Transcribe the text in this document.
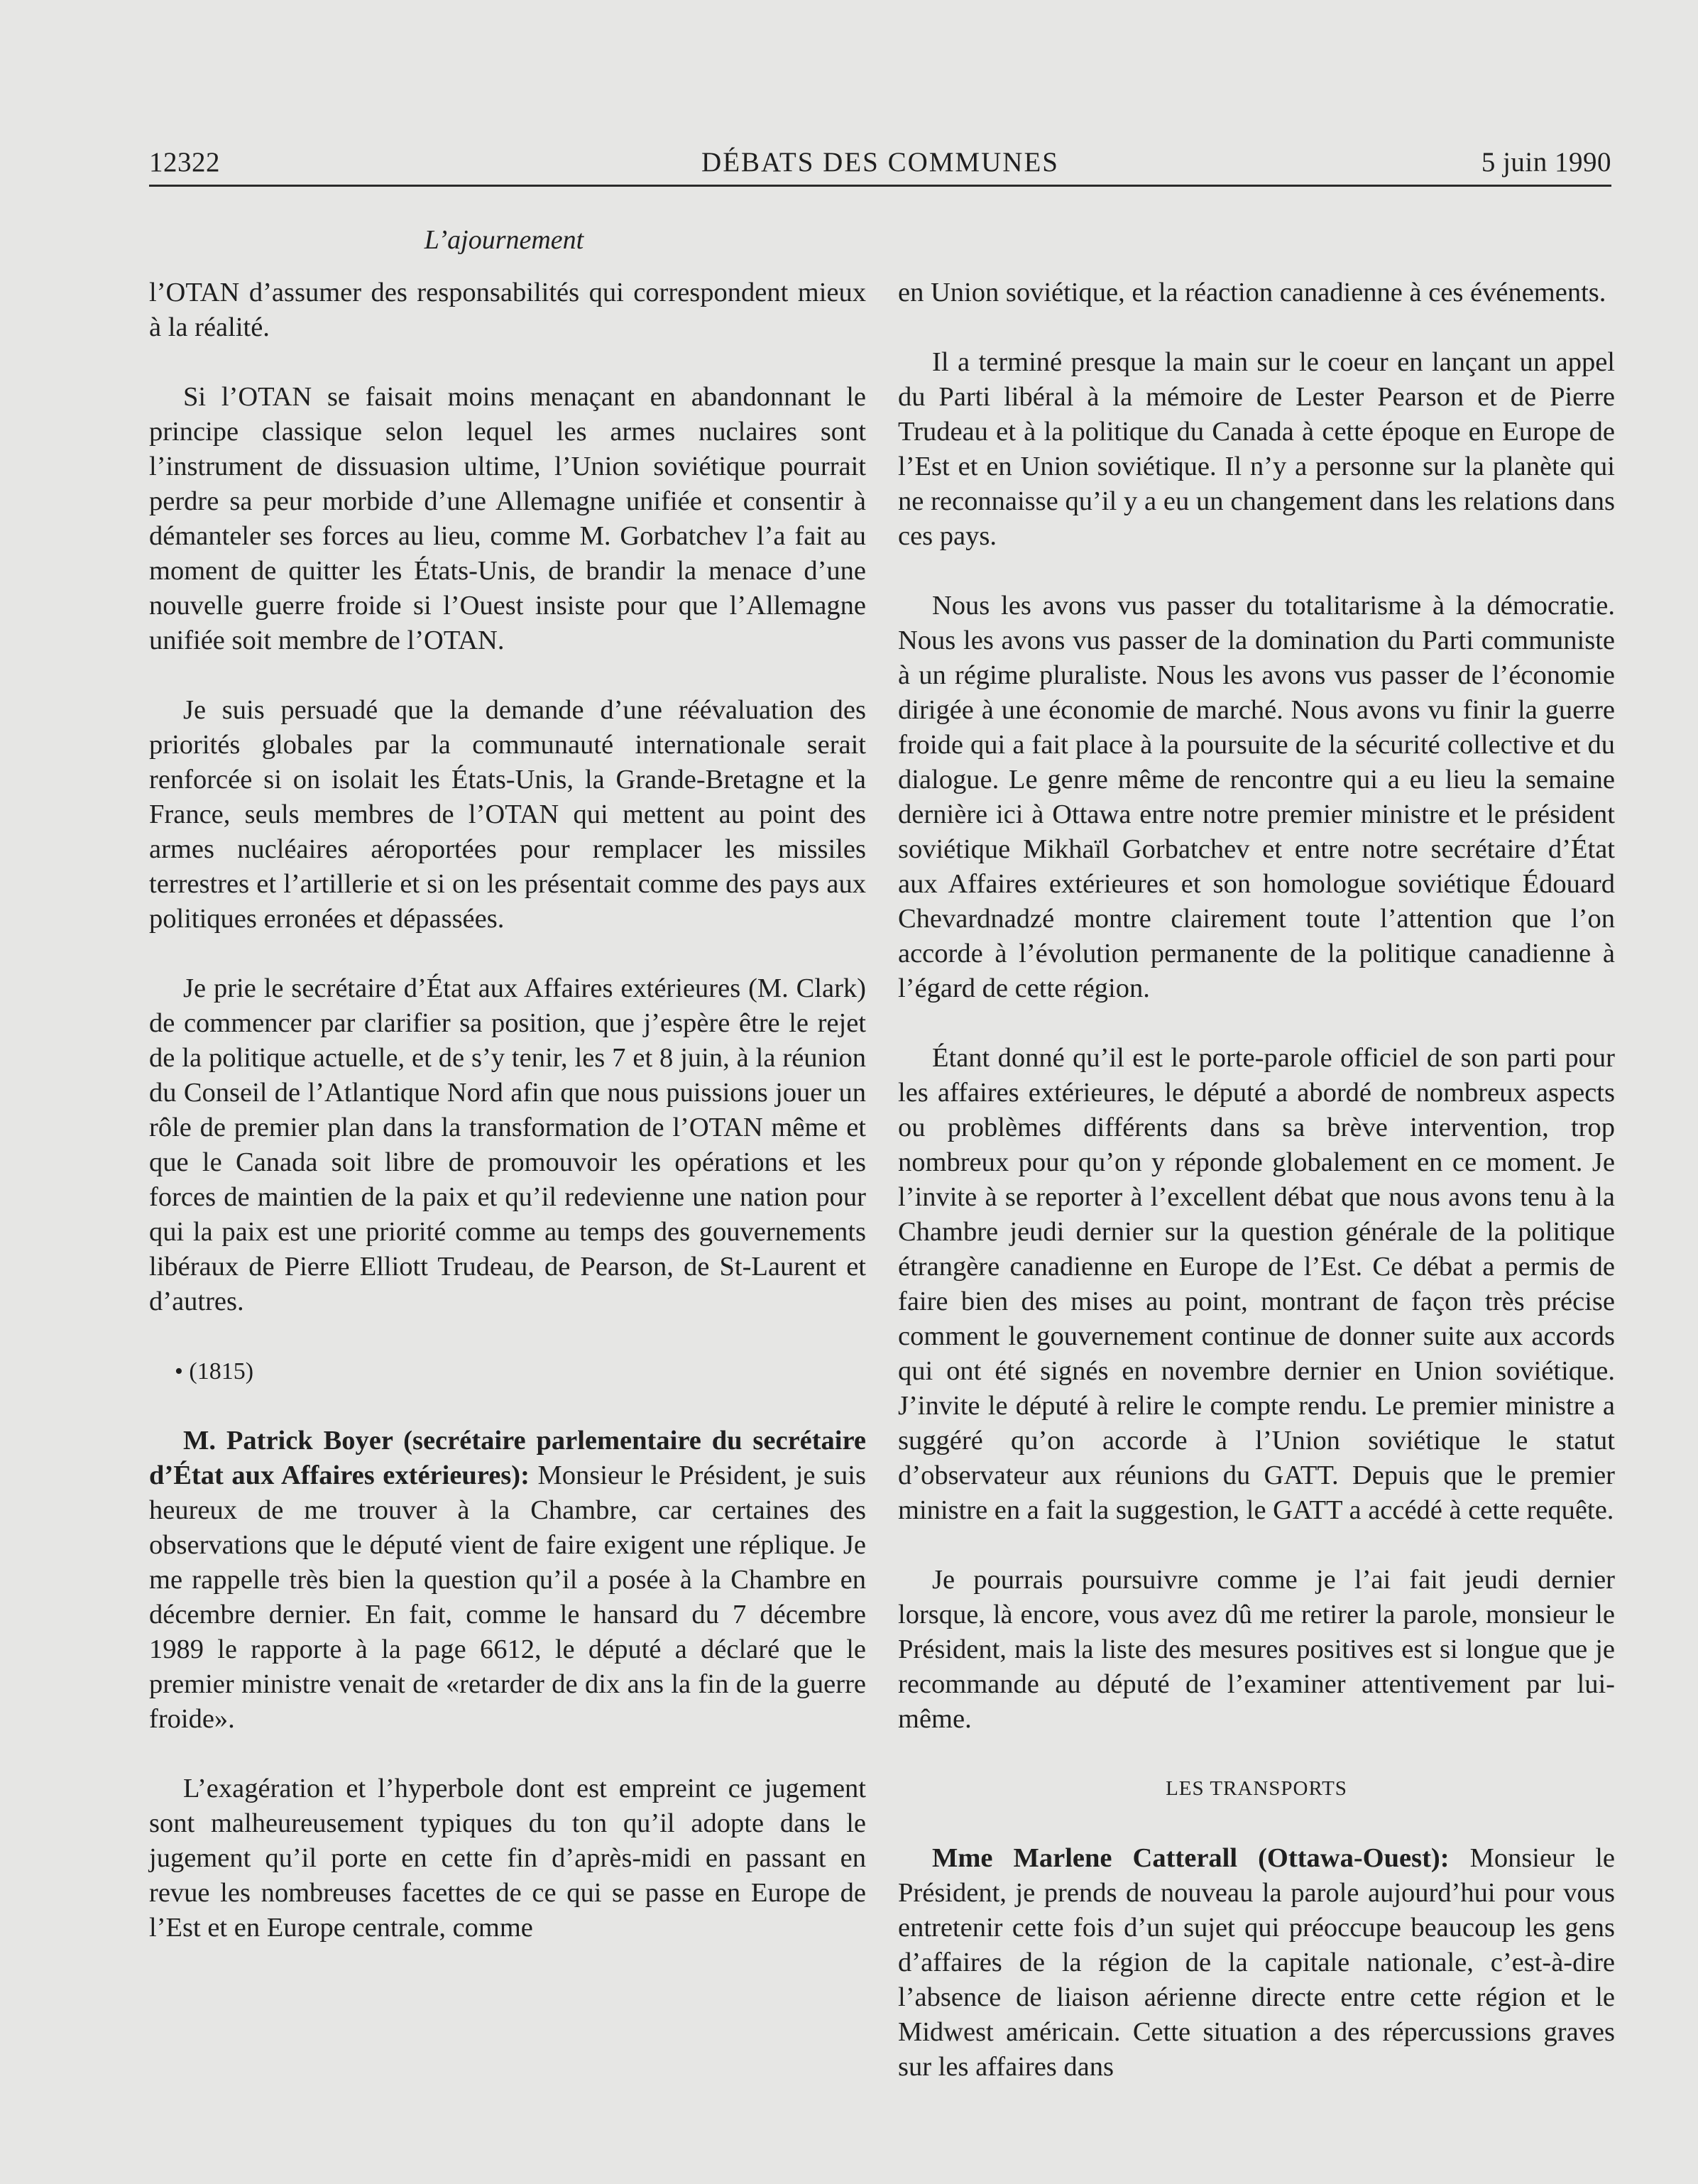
12322	DÉBATS DES COMMUNES	5 juin 1990
L’ajournement

l’OTAN d’assumer des responsabilités qui correspondent mieux à la réalité.

Si l’OTAN se faisait moins menaçant en abandonnant le principe classique selon lequel les armes nuclaires sont l’instrument de dissuasion ultime, l’Union soviétique pourrait perdre sa peur morbide d’une Allemagne unifiée et consentir à démanteler ses forces au lieu, comme M. Gorbatchev l’a fait au moment de quitter les États-Unis, de brandir la menace d’une nouvelle guerre froide si l’Ouest insiste pour que l’Allemagne unifiée soit membre de l’OTAN.

Je suis persuadé que la demande d’une réévaluation des priorités globales par la communauté internationale serait renforcée si on isolait les États-Unis, la Grande-Bretagne et la France, seuls membres de l’OTAN qui mettent au point des armes nucléaires aéroportées pour remplacer les missiles terrestres et l’artillerie et si on les présentait comme des pays aux politiques erronées et dépassées.

Je prie le secrétaire d’État aux Affaires extérieures (M. Clark) de commencer par clarifier sa position, que j’espère être le rejet de la politique actuelle, et de s’y tenir, les 7 et 8 juin, à la réunion du Conseil de l’Atlantique Nord afin que nous puissions jouer un rôle de premier plan dans la transformation de l’OTAN même et que le Canada soit libre de promouvoir les opérations et les forces de maintien de la paix et qu’il redevienne une nation pour qui la paix est une priorité comme au temps des gouvernements libéraux de Pierre Elliott Trudeau, de Pearson, de St-Laurent et d’autres.

• (1815)

M. Patrick Boyer (secrétaire parlementaire du secrétaire d’État aux Affaires extérieures): Monsieur le Président, je suis heureux de me trouver à la Chambre, car certaines des observations que le député vient de faire exigent une réplique. Je me rappelle très bien la question qu’il a posée à la Chambre en décembre dernier. En fait, comme le hansard du 7 décembre 1989 le rapporte à la page 6612, le député a déclaré que le premier ministre venait de «retarder de dix ans la fin de la guerre froide».

L’exagération et l’hyperbole dont est empreint ce jugement sont malheureusement typiques du ton qu’il adopte dans le jugement qu’il porte en cette fin d’après-midi en passant en revue les nombreuses facettes de ce qui se passe en Europe de l’Est et en Europe centrale, comme

en Union soviétique, et la réaction canadienne à ces événements.

Il a terminé presque la main sur le coeur en lançant un appel du Parti libéral à la mémoire de Lester Pearson et de Pierre Trudeau et à la politique du Canada à cette époque en Europe de l’Est et en Union soviétique. Il n’y a personne sur la planète qui ne reconnaisse qu’il y a eu un changement dans les relations dans ces pays.

Nous les avons vus passer du totalitarisme à la démocratie. Nous les avons vus passer de la domination du Parti communiste à un régime pluraliste. Nous les avons vus passer de l’économie dirigée à une économie de marché. Nous avons vu finir la guerre froide qui a fait place à la poursuite de la sécurité collective et du dialogue. Le genre même de rencontre qui a eu lieu la semaine dernière ici à Ottawa entre notre premier ministre et le président soviétique Mikhaïl Gorbatchev et entre notre secrétaire d’État aux Affaires extérieures et son homologue soviétique Édouard Chevardnadzé montre clairement toute l’attention que l’on accorde à l’évolution permanente de la politique canadienne à l’égard de cette région.

Étant donné qu’il est le porte-parole officiel de son parti pour les affaires extérieures, le député a abordé de nombreux aspects ou problèmes différents dans sa brève intervention, trop nombreux pour qu’on y réponde globalement en ce moment. Je l’invite à se reporter à l’excellent débat que nous avons tenu à la Chambre jeudi dernier sur la question générale de la politique étrangère canadienne en Europe de l’Est. Ce débat a permis de faire bien des mises au point, montrant de façon très précise comment le gouvernement continue de donner suite aux accords qui ont été signés en novembre dernier en Union soviétique. J’invite le député à relire le compte rendu. Le premier ministre a suggéré qu’on accorde à l’Union soviétique le statut d’observateur aux réunions du GATT. Depuis que le premier ministre en a fait la suggestion, le GATT a accédé à cette requête.

Je pourrais poursuivre comme je l’ai fait jeudi dernier lorsque, là encore, vous avez dû me retirer la parole, monsieur le Président, mais la liste des mesures positives est si longue que je recommande au député de l’examiner attentivement par lui-même.

LES TRANSPORTS

Mme Marlene Catterall (Ottawa-Ouest): Monsieur le Président, je prends de nouveau la parole aujourd’hui pour vous entretenir cette fois d’un sujet qui préoccupe beaucoup les gens d’affaires de la région de la capitale nationale, c’est-à-dire l’absence de liaison aérienne directe entre cette région et le Midwest américain. Cette situation a des répercussions graves sur les affaires dans
